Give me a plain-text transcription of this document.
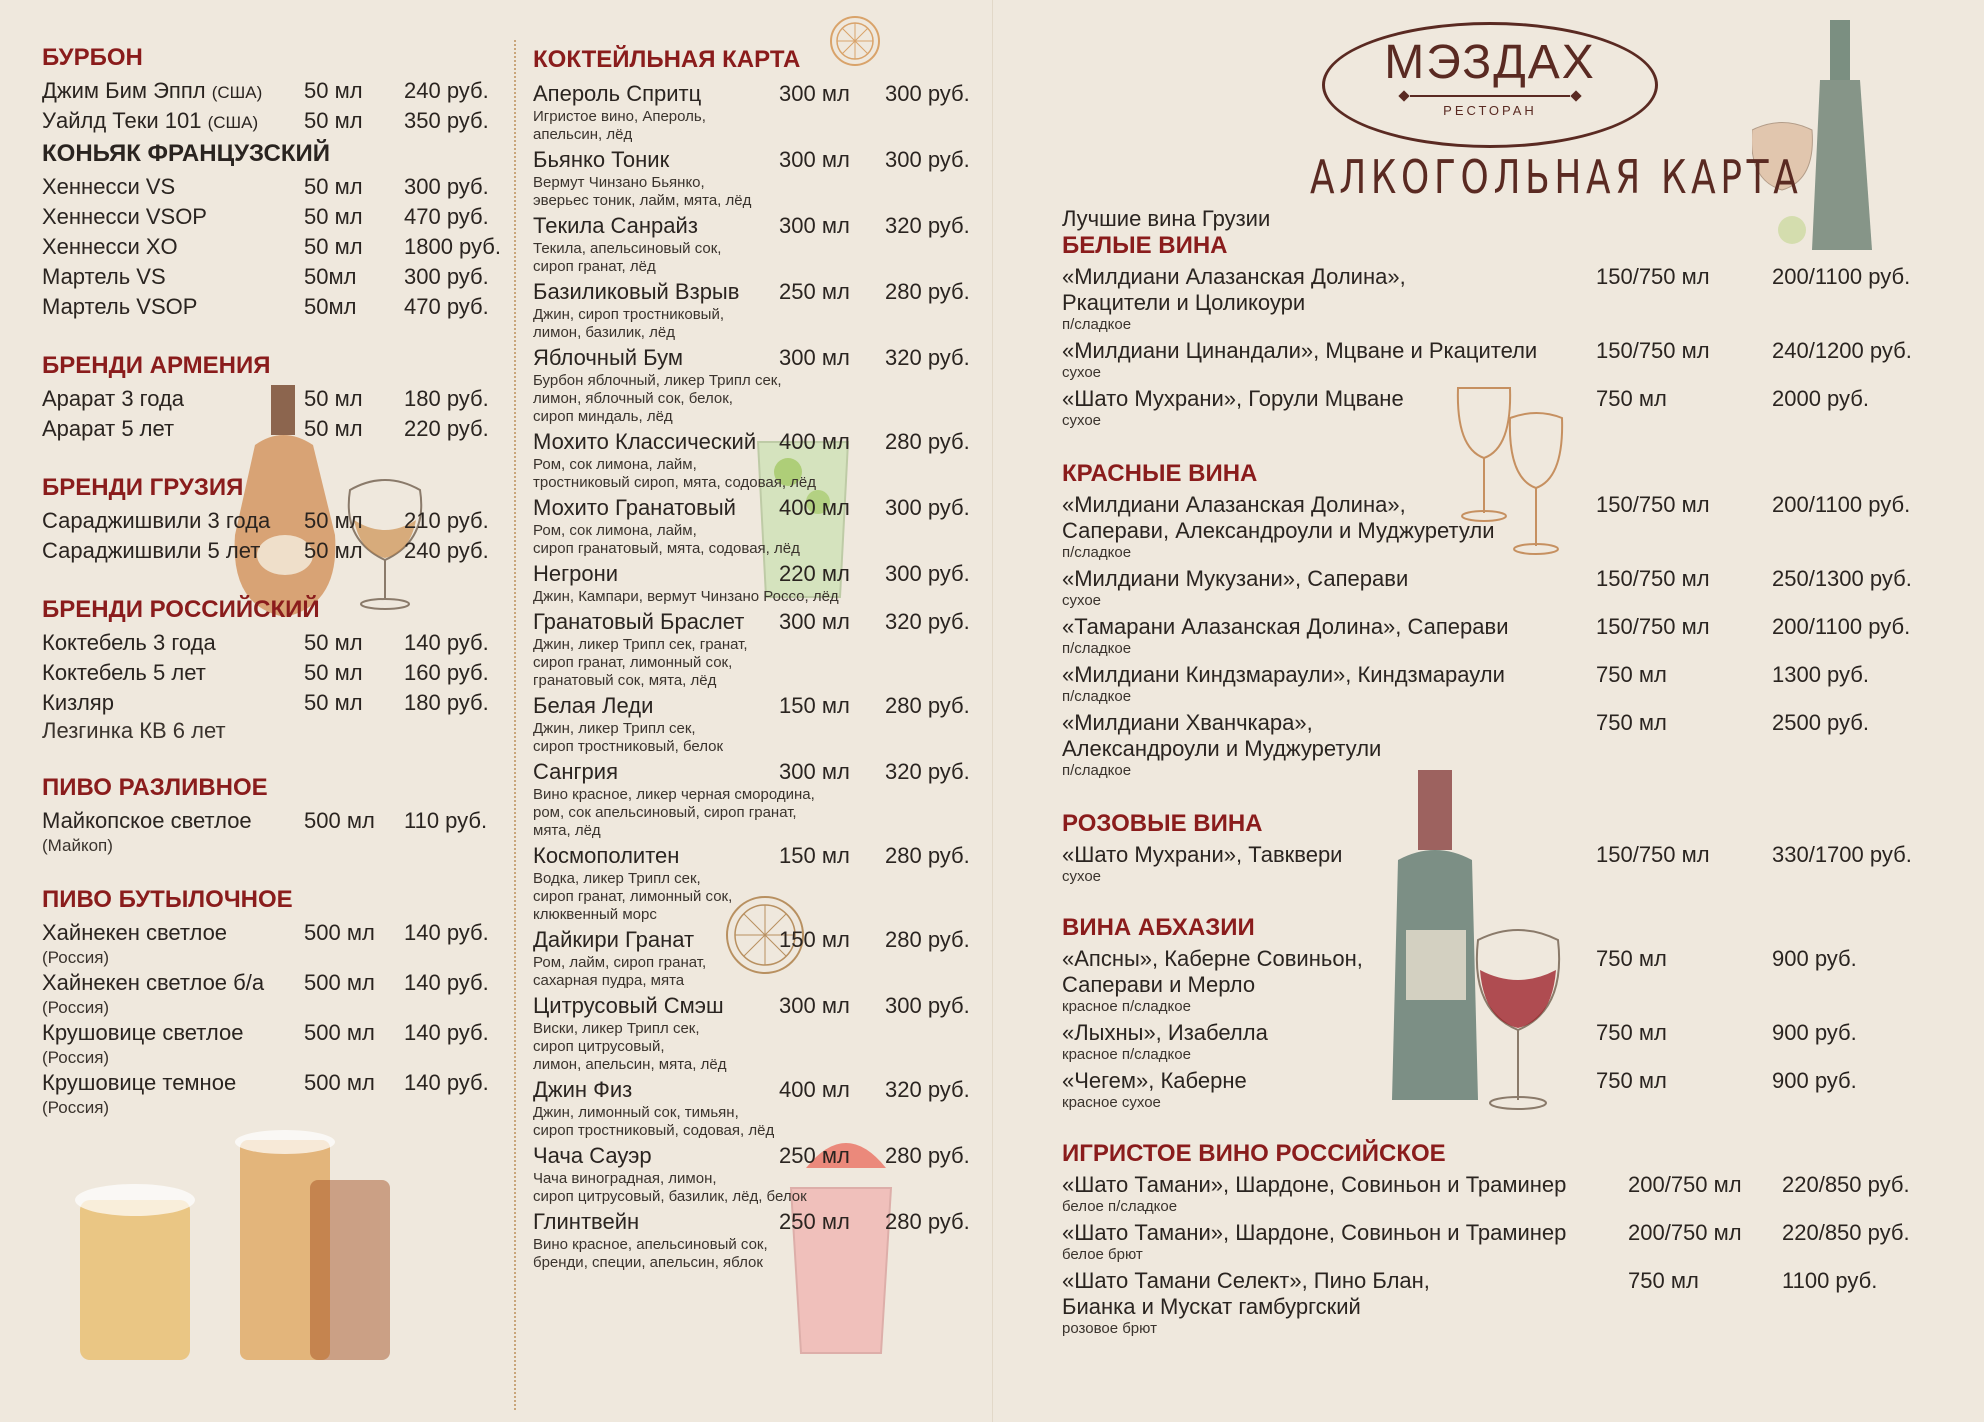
БУРБОН
Джим Бим Эппл (США) 50 мл 240 руб.
Уайлд Теки 101 (США) 50 мл 350 руб.
КОНЬЯК ФРАНЦУЗСКИЙ
Хеннесси VS	50 мл 300 руб.
Хеннесси VSOP	50 мл 470 руб.
Хеннесси XO	50 мл 1800 руб.
Мартель VS	50мл 300 руб.
Мартель VSOP	50мл 470 руб.
БРЕНДИ АРМЕНИЯ
Арарат 3 года	50 мл 180 руб.
Арарат 5 лет	50 мл 220 руб.
БРЕНДИ ГРУЗИЯ
Сараджишвили 3 года 50 мл 210 руб.
Сараджишвили 5 лет 50 мл 240 руб.
БРЕНДИ РОССИЙСКИЙ
Коктебель 3 года	50 мл 140 руб.
Коктебель 5 лет	50 мл 160 руб.
Кизляр	50 мл 180 руб.
Лезгинка КВ 6 лет
ПИВО РАЗЛИВНОЕ
Майкопское светлое 500 мл 110 руб.
(Майкоп)
ПИВО БУТЫЛОЧНОЕ
Хайнекен светлое	500 мл 140 руб.
(Россия)
Хайнекен светлое б/а 500 мл 140 руб.
(Россия)
Крушовице светлое	500 мл 140 руб.
(Россия)
Крушовице темное	500 мл 140 руб.
(Россия)
КОКТЕЙЛЬНАЯ КАРТА
Апероль Спритц	300 мл 300 руб.
Игристое вино, Апероль,
апельсин, лёд
Бьянко Тоник	300 мл 300 руб.
Вермут Чинзано Бьянко,
эверьес тоник, лайм, мята, лёд
Текила Санрайз	300 мл 320 руб.
Текила, апельсиновый сок,
сироп гранат, лёд
Базиликовый Взрыв 250 мл 280 руб.
Джин, сироп тростниковый,
лимон, базилик, лёд
Яблочный Бум	300 мл 320 руб.
Бурбон яблочный, ликер Трипл сек,
лимон, яблочный сок, белок,
сироп миндаль, лёд
Мохито Классический 400 мл 280 руб.
Ром, сок лимона, лайм,
тростниковый сироп, мята, содовая, лёд
Мохито Гранатовый 400 мл 300 руб.
Ром, сок лимона, лайм,
сироп гранатовый, мята, содовая, лёд
Негрони	220 мл 300 руб.
Джин, Кампари, вермут Чинзано Россо, лёд
Гранатовый Браслет 300 мл 320 руб.
Джин, ликер Трипл сек, гранат,
сироп гранат, лимонный сок,
гранатовый сок, мята, лёд
Белая Леди	150 мл 280 руб.
Джин, ликер Трипл сек,
сироп тростниковый, белок
Сангрия	300 мл 320 руб.
Вино красное, ликер черная смородина,
ром, сок апельсиновый, сироп гранат,
мята, лёд
Космополитен	150 мл 280 руб.
Водка, ликер Трипл сек,
сироп гранат, лимонный сок,
клюквенный морс
Дайкири Гранат	150 мл 280 руб.
Ром, лайм, сироп гранат,
сахарная пудра, мята
Цитрусовый Смэш	300 мл 300 руб.
Виски, ликер Трипл сек,
сироп цитрусовый,
лимон, апельсин, мята, лёд
Джин Физ	400 мл 320 руб.
Джин, лимонный сок, тимьян,
сироп тростниковый, содовая, лёд
Чача Сауэр	250 мл 280 руб.
Чача виноградная, лимон,
сироп цитрусовый, базилик, лёд, белок
Глинтвейн	250 мл 280 руб.
Вино красное, апельсиновый сок,
бренди, специи, апельсин, яблок
МЭЗДАХ
РЕСТОРАН
АЛКОГОЛЬНАЯ КАРТА
Лучшие вина Грузии
БЕЛЫЕ ВИНА
«Милдиани Алазанская Долина»,
Ркацители и Цоликоури
п/сладкое
150/750 мл	200/1100 руб.
«Милдиани Цинандали», Мцване и Ркацители
сухое
150/750 мл	240/1200 руб.
«Шато Мухрани», Горули Мцване
сухое
750 мл	2000 руб.
КРАСНЫЕ ВИНА
«Милдиани Алазанская Долина»,
Саперави, Александроули и Муджуретули
п/сладкое
150/750 мл	200/1100 руб.
«Милдиани Мукузани», Саперави
сухое
150/750 мл	250/1300 руб.
«Тамарани Алазанская Долина», Саперави
п/сладкое
150/750 мл	200/1100 руб.
«Милдиани Киндзмараули», Киндзмараули
п/сладкое
750 мл	1300 руб.
«Милдиани Хванчкара»,
Александроули и Муджуретули
п/сладкое
750 мл	2500 руб.
РОЗОВЫЕ ВИНА
«Шато Мухрани», Тавквери
сухое
150/750 мл	330/1700 руб.
ВИНА АБХАЗИИ
«Апсны», Каберне Совиньон,
Саперави и Мерло
красное п/сладкое
750 мл	900 руб.
«Лыхны», Изабелла
красное п/сладкое
750 мл	900 руб.
«Чегем», Каберне
красное сухое
750 мл	900 руб.
ИГРИСТОЕ ВИНО РОССИЙСКОЕ
«Шато Тамани», Шардоне, Совиньон и Траминер
белое п/сладкое
200/750 мл 220/850 руб.
«Шато Тамани», Шардоне, Совиньон и Траминер
белое брют
200/750 мл 220/850 руб.
«Шато Тамани Селект», Пино Блан,
Бианка и Мускат гамбургский
розовое брют
750 мл	1100 руб.
